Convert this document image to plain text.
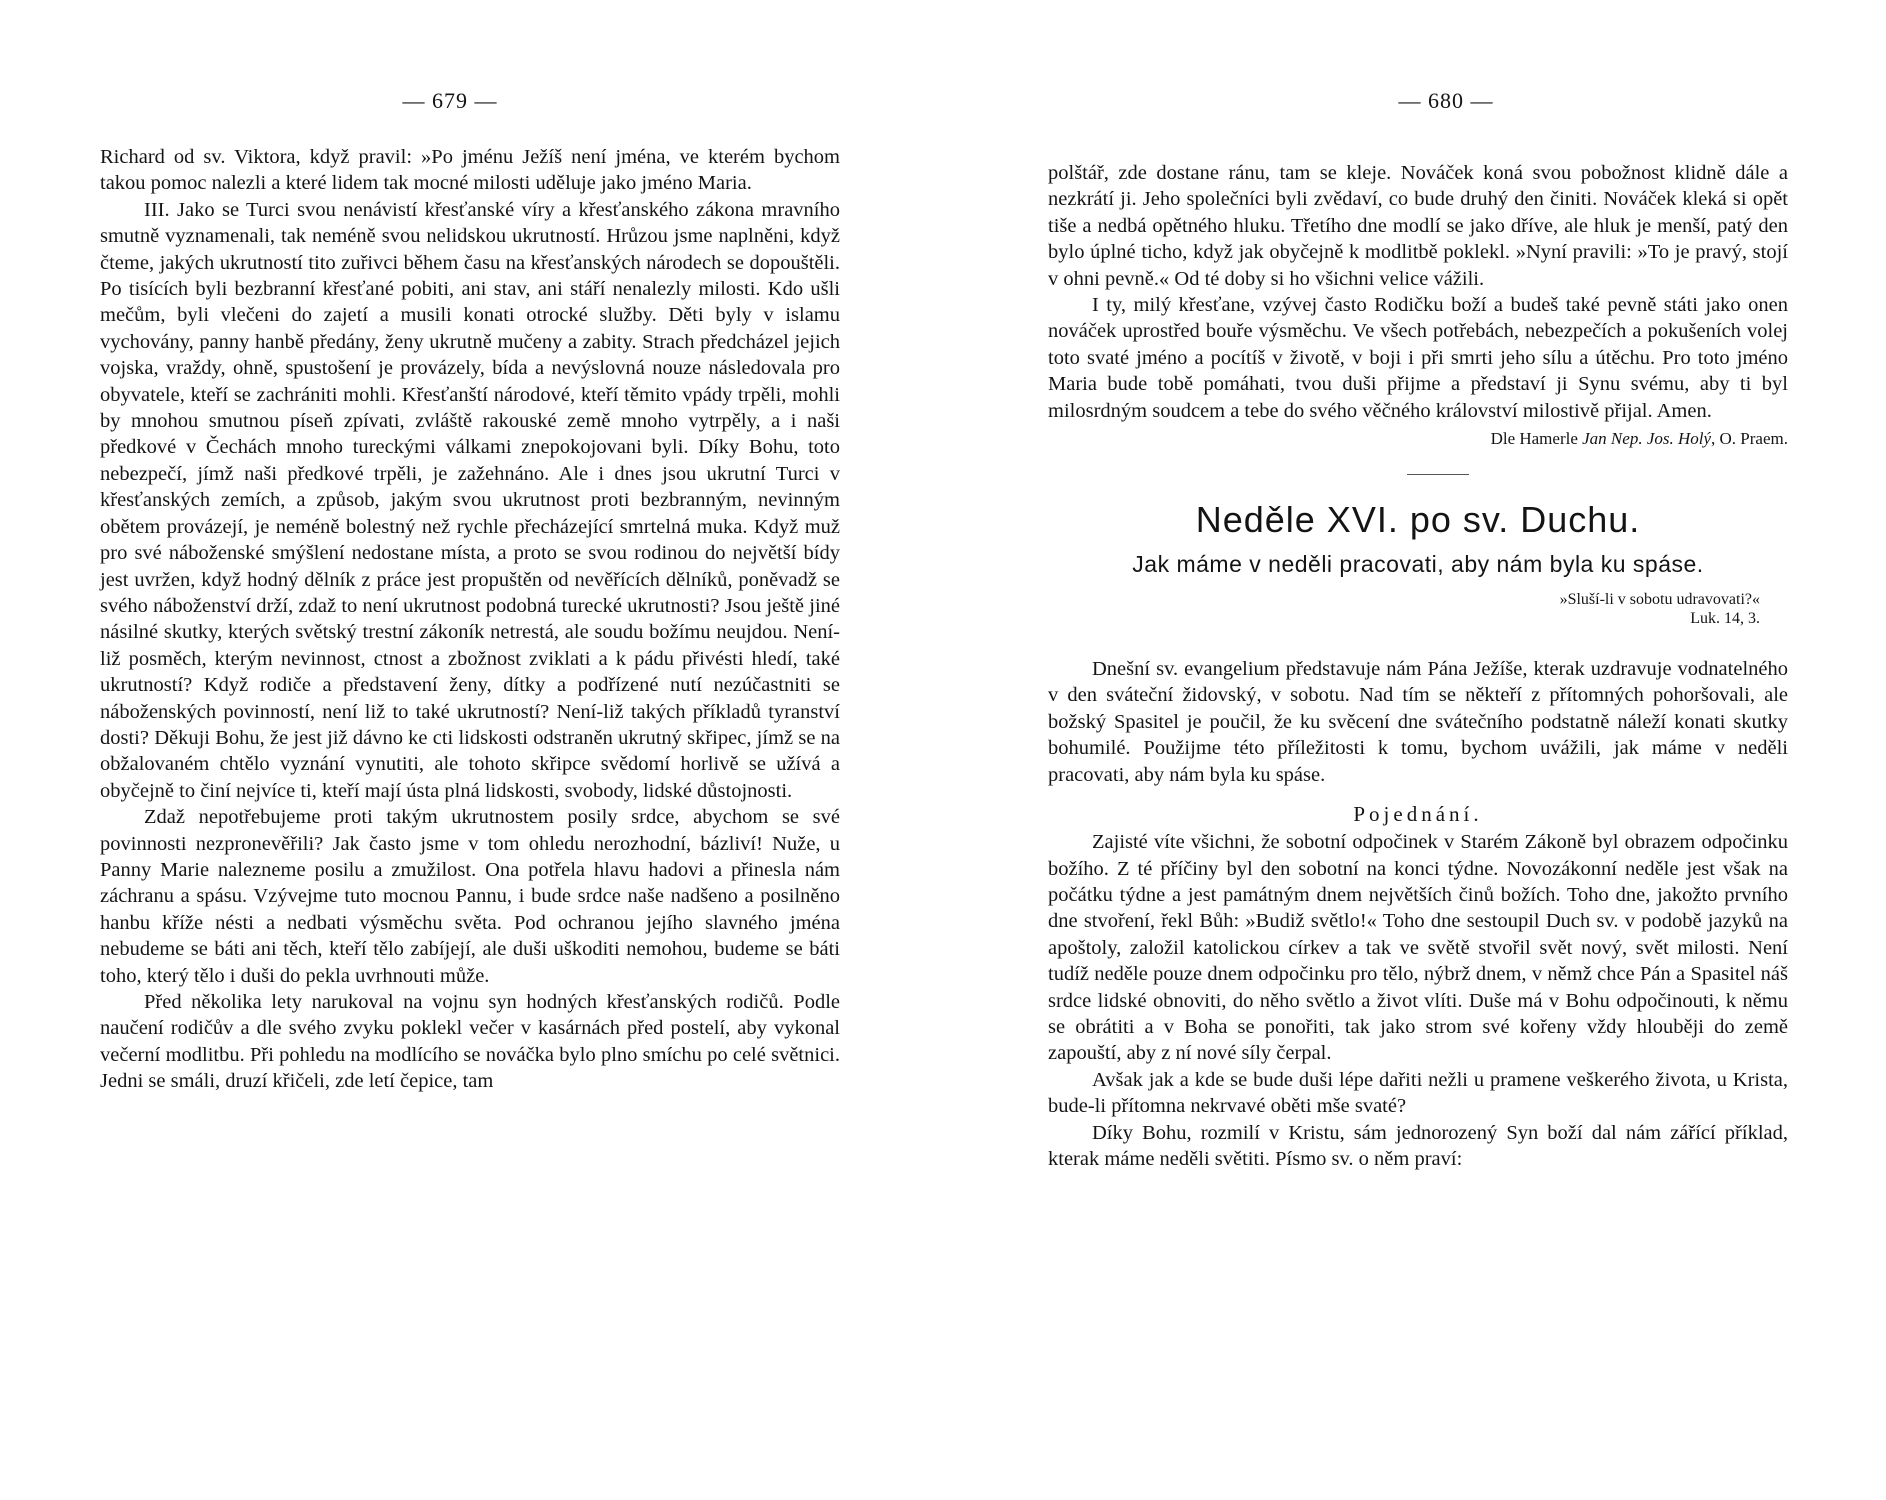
— 679 —

Richard od sv. Viktora, když pravil: »Po jménu Ježíš není jména, ve kterém bychom takou pomoc nalezli a které lidem tak mocné milosti uděluje jako jméno Maria.

III. Jako se Turci svou nenávistí křesťanské víry a křesťanského zákona mravního smutně vyznamenali, tak neméně svou nelidskou ukrutností. Hrůzou jsme naplněni, když čteme, jakých ukrutností tito zuřivci během času na křesťanských národech se dopouštěli. Po tisících byli bezbranní křesťané pobiti, ani stav, ani stáří nenalezly milosti. Kdo ušli mečům, byli vlečeni do zajetí a musili konati otrocké služby. Děti byly v islamu vychovány, panny hanbě předány, ženy ukrutně mučeny a zabity. Strach předcházel jejich vojska, vraždy, ohně, spustošení je provázely, bída a nevýslovná nouze následovala pro obyvatele, kteří se zachrániti mohli. Křesťanští národové, kteří těmito vpády trpěli, mohli by mnohou smutnou píseň zpívati, zvláště rakouské země mnoho vytrpěly, a i naši předkové v Čechách mnoho tureckými válkami znepokojovani byli. Díky Bohu, toto nebezpečí, jímž naši předkové trpěli, je zažehnáno. Ale i dnes jsou ukrutní Turci v křesťanských zemích, a způsob, jakým svou ukrutnost proti bezbranným, nevinným obětem provázejí, je neméně bolestný než rychle přecházející smrtelná muka. Když muž pro své náboženské smýšlení nedostane místa, a proto se svou rodinou do největší bídy jest uvržen, když hodný dělník z práce jest propuštěn od nevěřících dělníků, poněvadž se svého náboženství drží, zdaž to není ukrutnost podobná turecké ukrutnosti? Jsou ještě jiné násilné skutky, kterých světský trestní zákoník netrestá, ale soudu božímu neujdou. Není-liž posměch, kterým nevinnost, ctnost a zbožnost zviklati a k pádu přivésti hledí, také ukrutností? Když rodiče a představení ženy, dítky a podřízené nutí nezúčastniti se náboženských povinností, není liž to také ukrutností? Není-liž takých příkladů tyranství dosti? Děkuji Bohu, že jest již dávno ke cti lidskosti odstraněn ukrutný skřipec, jímž se na obžalovaném chtělo vyznání vynutiti, ale tohoto skřipce svědomí horlivě se užívá a obyčejně to činí nejvíce ti, kteří mají ústa plná lidskosti, svobody, lidské důstojnosti.

Zdaž nepotřebujeme proti takým ukrutnostem posily srdce, abychom se své povinnosti nezpronevěřili? Jak často jsme v tom ohledu nerozhodní, bázliví! Nuže, u Panny Marie nalezneme posilu a zmužilost. Ona potřela hlavu hadovi a přinesla nám záchranu a spásu. Vzývejme tuto mocnou Pannu, i bude srdce naše nadšeno a posilněno hanbu kříže nésti a nedbati výsměchu světa. Pod ochranou jejího slavného jména nebudeme se báti ani těch, kteří tělo zabíjejí, ale duši uškoditi nemohou, budeme se báti toho, který tělo i duši do pekla uvrhnouti může.

Před několika lety narukoval na vojnu syn hodných křesťanských rodičů. Podle naučení rodičův a dle svého zvyku poklekl večer v kasárnách před postelí, aby vykonal večerní modlitbu. Při pohledu na modlícího se nováčka bylo plno smíchu po celé světnici. Jedni se smáli, druzí křičeli, zde letí čepice, tam

— 680 —

polštář, zde dostane ránu, tam se kleje. Nováček koná svou pobožnost klidně dále a nezkrátí ji. Jeho společníci byli zvědaví, co bude druhý den činiti. Nováček kleká si opět tiše a nedbá opětného hluku. Třetího dne modlí se jako dříve, ale hluk je menší, patý den bylo úplné ticho, když jak obyčejně k modlitbě poklekl. »Nyní pravili: »To je pravý, stojí v ohni pevně.« Od té doby si ho všichni velice vážili.

I ty, milý křesťane, vzývej často Rodičku boží a budeš také pevně státi jako onen nováček uprostřed bouře výsměchu. Ve všech potřebách, nebezpečích a pokušeních volej toto svaté jméno a pocítíš v životě, v boji i při smrti jeho sílu a útěchu. Pro toto jméno Maria bude tobě pomáhati, tvou duši přijme a představí ji Synu svému, aby ti byl milosrdným soudcem a tebe do svého věčného království milostivě přijal. Amen.

Dle Hamerle Jan Nep. Jos. Holý, O. Praem.
Neděle XVI. po sv. Duchu.
Jak máme v neděli pracovati, aby nám byla ku spáse.
»Sluší-li v sobotu udravovati?«
Luk. 14, 3.

Dnešní sv. evangelium představuje nám Pána Ježíše, kterak uzdravuje vodnatelného v den sváteční židovský, v sobotu. Nad tím se někteří z přítomných pohoršovali, ale božský Spasitel je poučil, že ku svěcení dne svátečního podstatně náleží konati skutky bohumilé. Použijme této příležitosti k tomu, bychom uvážili, jak máme v neděli pracovati, aby nám byla ku spáse.

Pojednání.

Zajisté víte všichni, že sobotní odpočinek v Starém Zákoně byl obrazem odpočinku božího. Z té příčiny byl den sobotní na konci týdne. Novozákonní neděle jest však na počátku týdne a jest památným dnem největších činů božích. Toho dne, jakožto prvního dne stvoření, řekl Bůh: »Budiž světlo!« Toho dne sestoupil Duch sv. v podobě jazyků na apoštoly, založil katolickou církev a tak ve světě stvořil svět nový, svět milosti. Není tudíž neděle pouze dnem odpočinku pro tělo, nýbrž dnem, v němž chce Pán a Spasitel náš srdce lidské obnoviti, do něho světlo a život vlíti. Duše má v Bohu odpočinouti, k němu se obrátiti a v Boha se ponořiti, tak jako strom své kořeny vždy hlouběji do země zapouští, aby z ní nové síly čerpal.

Avšak jak a kde se bude duši lépe dařiti nežli u pramene veškerého života, u Krista, bude-li přítomna nekrvavé oběti mše svaté?

Díky Bohu, rozmilí v Kristu, sám jednorozený Syn boží dal nám zářící příklad, kterak máme neděli světiti. Písmo sv. o něm praví:
